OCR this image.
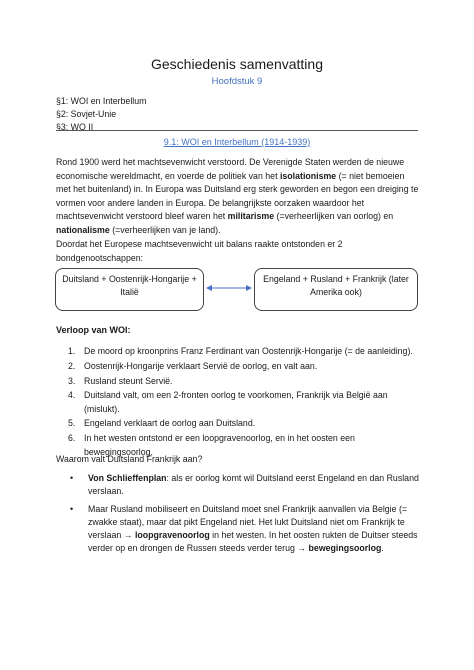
Geschiedenis samenvatting
Hoofdstuk 9
§1: WOI en Interbellum
§2: Sovjet-Unie
§3: WO II
9.1: WOI en Interbellum (1914-1939)
Rond 1900 werd het machtsevenwicht verstoord. De Verenigde Staten werden de nieuwe economische wereldmacht, en voerde de politiek van het isolationisme (= niet bemoeien met het buitenland) in. In Europa was Duitsland erg sterk geworden en begon een dreiging te vormen voor andere landen in Europa. De belangrijkste oorzaken waardoor het machtsevenwicht verstoord bleef waren het militarisme (=verheerlijken van oorlog) en nationalisme (=verheerlijken van je land).
Doordat het Europese machtsevenwicht uit balans raakte ontstonden er 2 bondgenootschappen:
Duitsland + Oostenrijk-Hongarije + Italië
Engeland + Rusland + Frankrijk (later Amerika ook)
Verloop van WOI:
1. De moord op kroonprins Franz Ferdinant van Oostenrijk-Hongarije (= de aanleiding).
2. Oostenrijk-Hongarije verklaart Servië de oorlog, en valt aan.
3. Rusland steunt Servië.
4. Duitsland valt, om een 2-fronten oorlog te voorkomen, Frankrijk via België aan (mislukt).
5. Engeland verklaart de oorlog aan Duitsland.
6. In het westen ontstond er een loopgravenoorlog, en in het oosten een bewegingsoorlog.
Waarom valt Duitsland Frankrijk aan?
• Von Schlieffenplan: als er oorlog komt wil Duitsland eerst Engeland en dan Rusland verslaan.
• Maar Rusland mobiliseert en Duitsland moet snel Frankrijk aanvallen via Belgie (= zwakke staat), maar dat pikt Engeland niet. Het lukt Duitsland niet om Frankrijk te verslaan → loopgravenoorlog in het westen. In het oosten rukten de Duitser steeds verder op en drongen de Russen steeds verder terug → bewegingsoorlog.
